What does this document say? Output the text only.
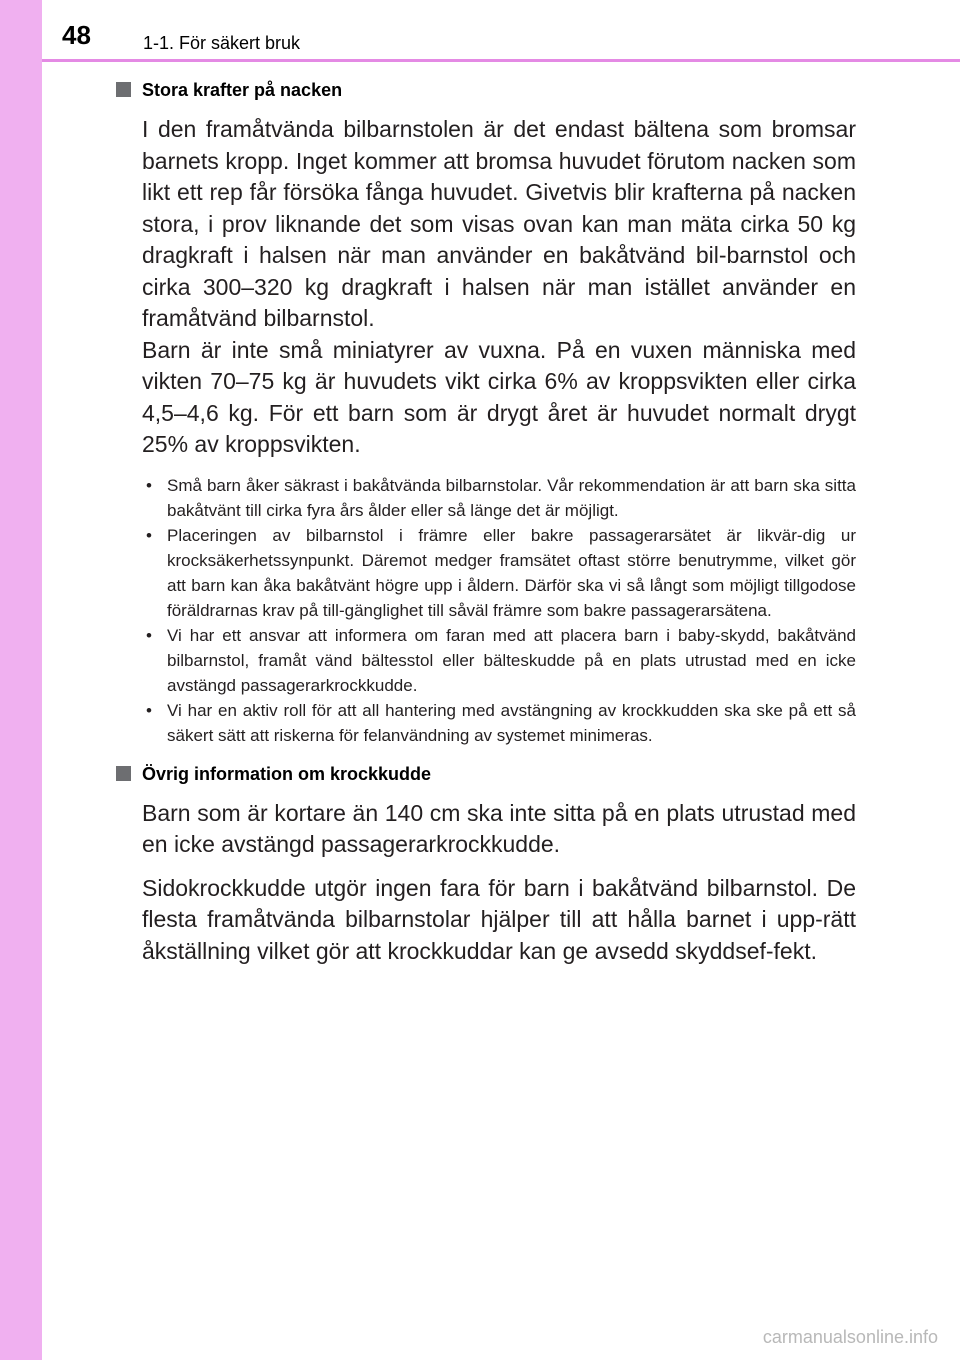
48	1-1. För säkert bruk
Stora krafter på nacken

I den framåtvända bilbarnstolen är det endast bältena som bromsar barnets kropp. Inget kommer att bromsa huvudet förutom nacken som likt ett rep får försöka fånga huvudet. Givetvis blir krafterna på nacken stora, i prov liknande det som visas ovan kan man mäta cirka 50 kg dragkraft i halsen när man använder en bakåtvänd bil-barnstol och cirka 300–320 kg dragkraft i halsen när man istället använder en framåtvänd bilbarnstol.

Barn är inte små miniatyrer av vuxna. På en vuxen människa med vikten 70–75 kg är huvudets vikt cirka 6% av kroppsvikten eller cirka 4,5–4,6 kg. För ett barn som är drygt året är huvudet normalt drygt 25% av kroppsvikten.

• Små barn åker säkrast i bakåtvända bilbarnstolar. Vår rekommendation är att barn ska sitta bakåtvänt till cirka fyra års ålder eller så länge det är möjligt.
• Placeringen av bilbarnstol i främre eller bakre passagerarsätet är likvär-dig ur krocksäkerhetssynpunkt. Däremot medger framsätet oftast större benutrymme, vilket gör att barn kan åka bakåtvänt högre upp i åldern. Därför ska vi så långt som möjligt tillgodose föräldrarnas krav på till-gänglighet till såväl främre som bakre passagerarsätena.
• Vi har ett ansvar att informera om faran med att placera barn i baby-skydd, bakåtvänd bilbarnstol, framåt vänd bältesstol eller bälteskudde på en plats utrustad med en icke avstängd passagerarkrockkudde.
• Vi har en aktiv roll för att all hantering med avstängning av krockkudden ska ske på ett så säkert sätt att riskerna för felanvändning av systemet minimeras.
Övrig information om krockkudde

Barn som är kortare än 140 cm ska inte sitta på en plats utrustad med en icke avstängd passagerarkrockkudde.

Sidokrockkudde utgör ingen fara för barn i bakåtvänd bilbarnstol. De flesta framåtvända bilbarnstolar hjälper till att hålla barnet i upp-rätt åkställning vilket gör att krockkuddar kan ge avsedd skyddsef-fekt.

carmanualsonline.info
